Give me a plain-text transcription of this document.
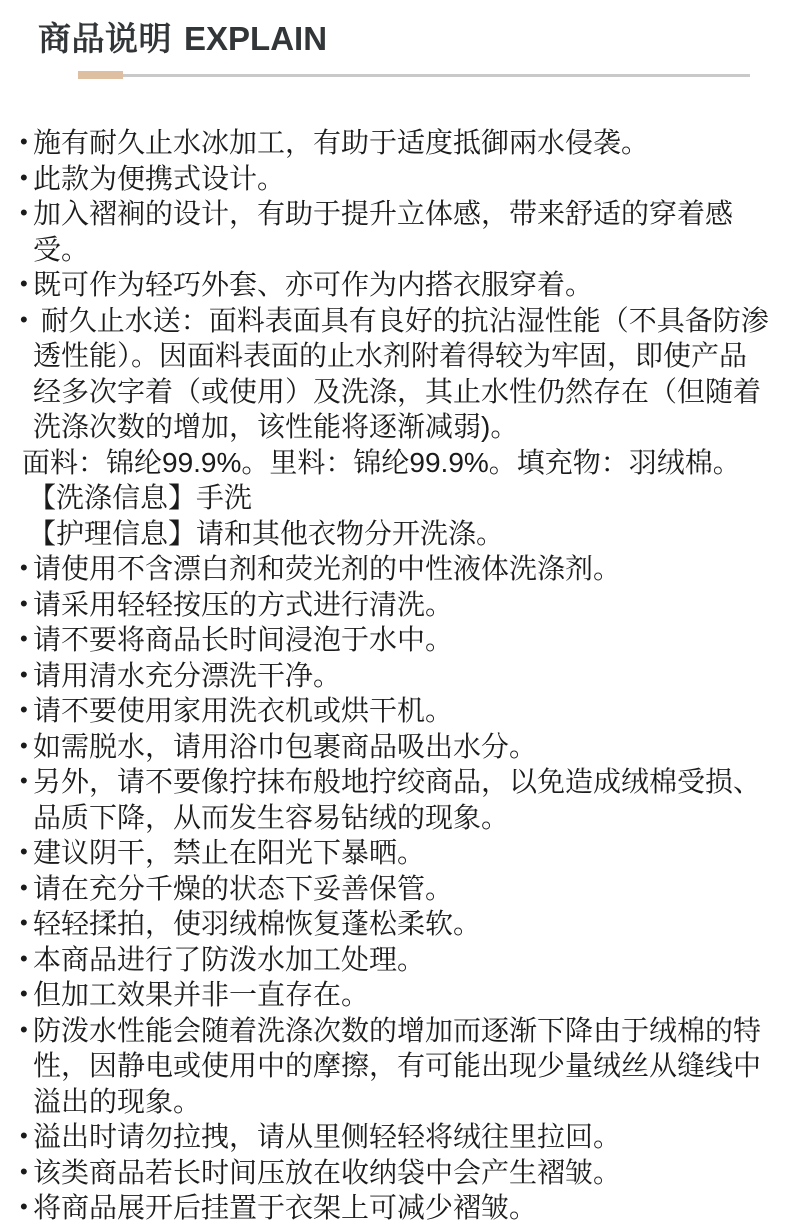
商品说明 EXPLAIN
• 施有耐久止水冰加工，有助于适度抵御兩水侵袭。
• 此款为便携式设计。
• 加入褶裥的设计，有助于提升立体感，带来舒适的穿着感受。
• 既可作为轻巧外套、亦可作为内搭衣服穿着。
• 耐久止水送：面料表面具有良好的抗沾湿性能（不具备防渗透性能）。因面料表面的止水剂附着得较为牢固，即使产品经多次字着（或使用）及洗涤，其止水性仍然存在（但随着洗涤次数的增加，该性能将逐渐减弱)。
面料：锦纶99.9%。里料：锦纶99.9%。填充物：羽绒棉。
【洗涤信息】手洗
【护理信息】请和其他衣物分开洗涤。
• 请使用不含漂白剂和荧光剂的中性液体洗涤剂。
• 请采用轻轻按压的方式进行清洗。
• 请不要将商品长时间浸泡于水中。
• 请用清水充分漂洗干净。
• 请不要使用家用洗衣机或烘干机。
• 如需脱水，请用浴巾包裹商品吸出水分。
• 另外，请不要像拧抹布般地拧绞商品，以免造成绒棉受损、品质下降，从而发生容易钻绒的现象。
• 建议阴干，禁止在阳光下暴晒。
• 请在充分千燥的状态下妥善保管。
• 轻轻揉拍，使羽绒棉恢复蓬松柔软。
• 本商品进行了防泼水加工处理。
• 但加工效果并非一直存在。
• 防泼水性能会随着洗涤次数的增加而逐渐下降由于绒棉的特性，因静电或使用中的摩擦，有可能出现少量绒丝从缝线中溢出的现象。
• 溢出时请勿拉拽，请从里侧轻轻将绒往里拉回。
• 该类商品若长时间压放在收纳袋中会产生褶皱。
• 将商品展开后挂置于衣架上可减少褶皱。
